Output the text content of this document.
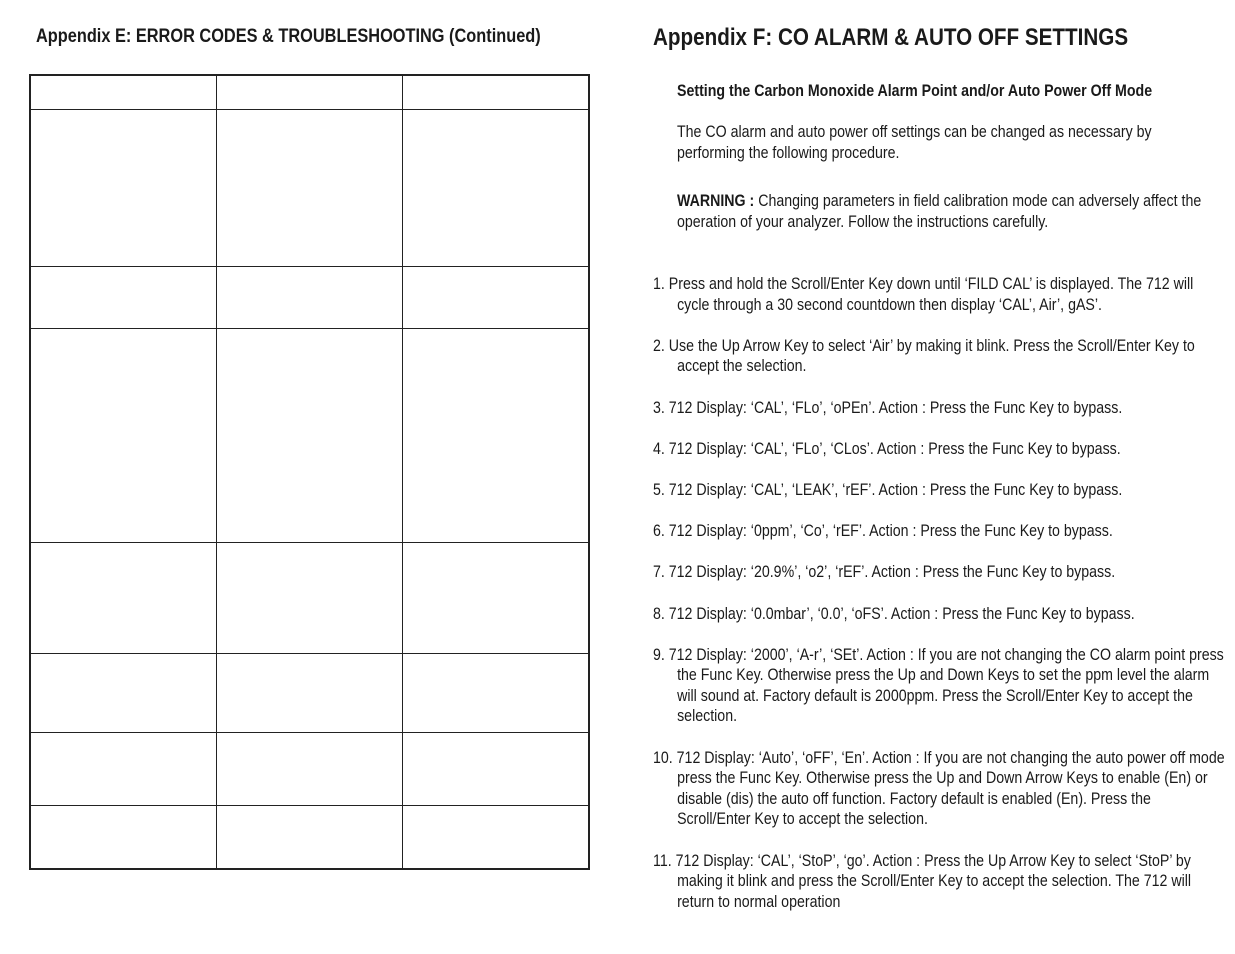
Appendix E: ERROR CODES & TROUBLESHOOTING (Continued)	Appendix F: CO ALARM & AUTO OFF SETTINGS
Setting the Carbon Monoxide Alarm Point and/or Auto Power Off Mode
The CO alarm and auto power off settings can be changed as necessary by performing the following procedure.
WARNING : Changing parameters in field calibration mode can adversely affect the operation of your analyzer. Follow the instructions carefully.
1. Press and hold the Scroll/Enter Key down until ‘FILD CAL’ is displayed. The 712 will cycle through a 30 second countdown then display ‘CAL’, Air’, gAS’.
2. Use the Up Arrow Key to select ‘Air’ by making it blink. Press the Scroll/Enter Key to accept the selection.
3. 712 Display: ‘CAL’, ‘FLo’, ‘oPEn’. Action : Press the Func Key to bypass.
4. 712 Display: ‘CAL’, ‘FLo’, ‘CLos’. Action : Press the Func Key to bypass.
5. 712 Display: ‘CAL’, ‘LEAK’, ‘rEF’. Action : Press the Func Key to bypass.
6. 712 Display: ‘0ppm’, ‘Co’, ‘rEF’. Action : Press the Func Key to bypass.
7. 712 Display: ‘20.9%’, ‘o2’, ‘rEF’. Action : Press the Func Key to bypass.
8. 712 Display: ‘0.0mbar’, ‘0.0’, ‘oFS’. Action : Press the Func Key to bypass.
9. 712 Display: ‘2000’, ‘A-r’, ‘SEt’. Action : If you are not changing the CO alarm point press the Func Key. Otherwise press the Up and Down Keys to set the ppm level the alarm will sound at. Factory default is 2000ppm. Press the Scroll/Enter Key to accept the selection.
10. 712 Display: ‘Auto’, ‘oFF’, ‘En’. Action : If you are not changing the auto power off mode press the Func Key. Otherwise press the Up and Down Arrow Keys to enable (En) or disable (dis) the auto off function. Factory default is enabled (En). Press the Scroll/Enter Key to accept the selection.
11. 712 Display: ‘CAL’, ‘StoP’, ‘go’. Action : Press the Up Arrow Key to select ‘StoP’ by making it blink and press the Scroll/Enter Key to accept the selection. The 712 will return to normal operation
